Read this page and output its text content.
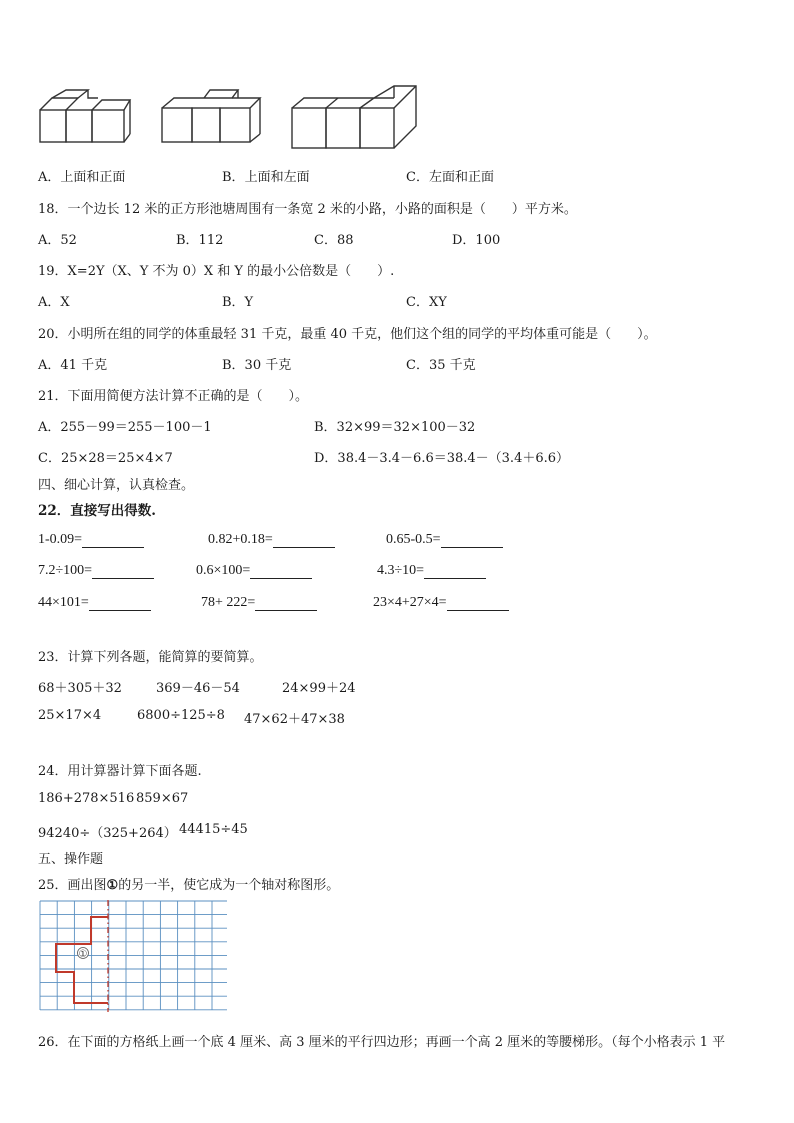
A．上面和正面	B．上面和左面	C．左面和正面
18．一个边长 12 米的正方形池塘周围有一条宽 2 米的小路，小路的面积是（　　）平方米。
A．52	B．112	C．88	D．100
19．X=2Y（X、Y 不为 0）X 和 Y 的最小公倍数是（　　）.
A．X	B．Y	C．XY
20．小明所在组的同学的体重最轻 31 千克，最重 40 千克，他们这个组的同学的平均体重可能是（　　）。
A．41 千克	B．30 千克	C．35 千克
21．下面用简便方法计算不正确的是（　　）。
A．255－99＝255－100－1	B．32×99＝32×100－32
C．25×28＝25×4×7	D．38.4－3.4－6.6＝38.4－（3.4＋6.6）
四、细心计算，认真检查。
22．直接写出得数.
1-0.09=	0.82+0.18=	0.65-0.5=
7.2÷100=	0.6×100=	4.3÷10=
44×101=	78+ 222=	23×4+27×4=
23．计算下列各题，能简算的要简算。
68＋305＋32	369－46－54	24×99＋24
25×17×4	6800÷125÷8 47×62＋47×38
24．用计算器计算下面各题.
186+278×516 859×67
94240÷（325+264） 44415÷45
五、操作题
25．画出图①的另一半，使它成为一个轴对称图形。
①
26．在下面的方格纸上画一个底 4 厘米、高 3 厘米的平行四边形；再画一个高 2 厘米的等腰梯形。（每个小格表示 1 平
